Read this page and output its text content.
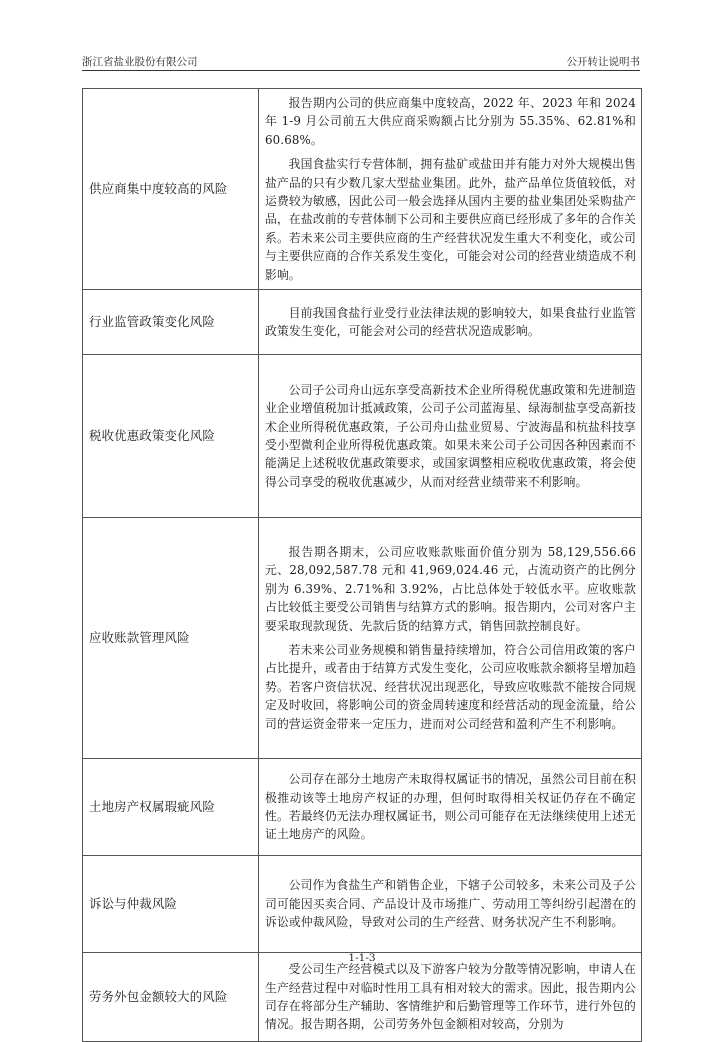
浙江省盐业股份有限公司	公开转让说明书
供应商集中度较高的风险	报告期内公司的供应商集中度较高，2022 年、2023 年和 2024 年 1-9 月公司前五大供应商采购额占比分别为 55.35%、62.81%和 60.68%。

我国食盐实行专营体制，拥有盐矿或盐田并有能力对外大规模出售盐产品的只有少数几家大型盐业集团。此外，盐产品单位货值较低，对运费较为敏感，因此公司一般会选择从国内主要的盐业集团处采购盐产品，在盐改前的专营体制下公司和主要供应商已经形成了多年的合作关系。若未来公司主要供应商的生产经营状况发生重大不利变化，或公司与主要供应商的合作关系发生变化，可能会对公司的经营业绩造成不利影响。

行业监管政策变化风险	目前我国食盐行业受行业法律法规的影响较大，如果食盐行业监管政策发生变化，可能会对公司的经营状况造成影响。

税收优惠政策变化风险	公司子公司舟山远东享受高新技术企业所得税优惠政策和先进制造业企业增值税加计抵减政策，公司子公司蓝海星、绿海制盐享受高新技术企业所得税优惠政策，子公司舟山盐业贸易、宁波海晶和杭盐科技享受小型微利企业所得税优惠政策。如果未来公司子公司因各种因素而不能满足上述税收优惠政策要求，或国家调整相应税收优惠政策，将会使得公司享受的税收优惠减少，从而对经营业绩带来不利影响。

应收账款管理风险	报告期各期末，公司应收账款账面价值分别为 58,129,556.66 元、28,092,587.78 元和 41,969,024.46 元，占流动资产的比例分别为 6.39%、2.71%和 3.92%，占比总体处于较低水平。应收账款占比较低主要受公司销售与结算方式的影响。报告期内，公司对客户主要采取现款现货、先款后货的结算方式，销售回款控制良好。

若未来公司业务规模和销售量持续增加，符合公司信用政策的客户占比提升，或者由于结算方式发生变化，公司应收账款余额将呈增加趋势。若客户资信状况、经营状况出现恶化，导致应收账款不能按合同规定及时收回，将影响公司的资金周转速度和经营活动的现金流量，给公司的营运资金带来一定压力，进而对公司经营和盈利产生不利影响。

土地房产权属瑕疵风险	公司存在部分土地房产未取得权属证书的情况，虽然公司目前在积极推动该等土地房产权证的办理，但何时取得相关权证仍存在不确定性。若最终仍无法办理权属证书，则公司可能存在无法继续使用上述无证土地房产的风险。

诉讼与仲裁风险	公司作为食盐生产和销售企业，下辖子公司较多，未来公司及子公司可能因买卖合同、产品设计及市场推广、劳动用工等纠纷引起潜在的诉讼或仲裁风险，导致对公司的生产经营、财务状况产生不利影响。

劳务外包金额较大的风险	受公司生产经营模式以及下游客户较为分散等情况影响，申请人在生产经营过程中对临时性用工具有相对较大的需求。因此，报告期内公司存在将部分生产辅助、客情维护和后勤管理等工作环节，进行外包的情况。报告期各期，公司劳务外包金额相对较高，分别为

1-1-3
